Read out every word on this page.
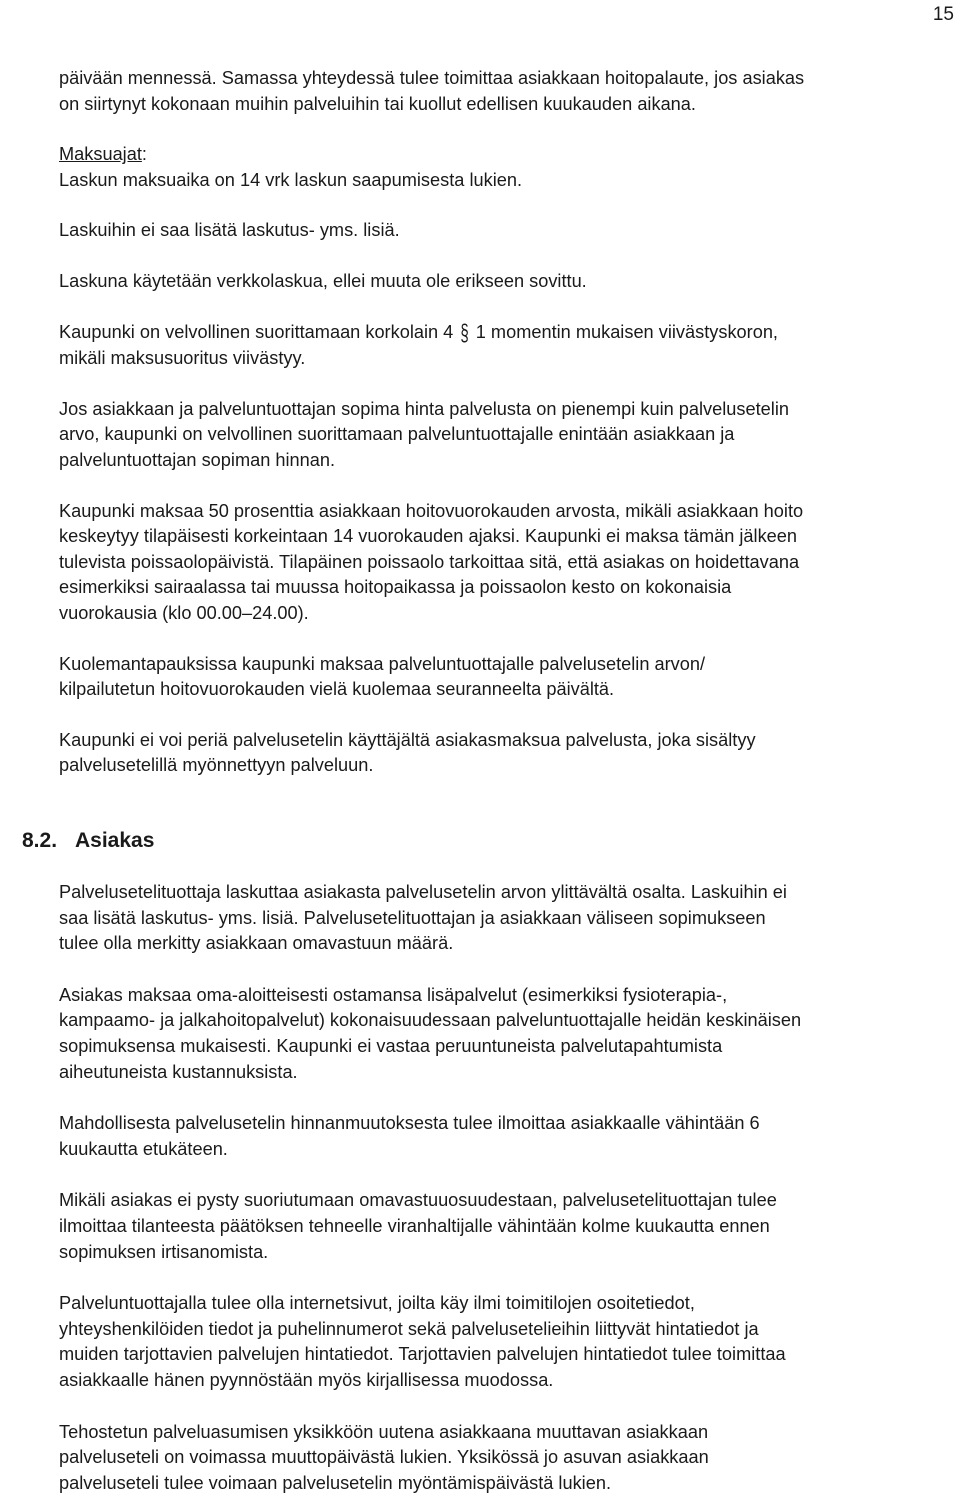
15

päivään mennessä. Samassa yhteydessä tulee toimittaa asiakkaan hoitopalaute, jos asiakas
on siirtynyt kokonaan muihin palveluihin tai kuollut edellisen kuukauden aikana.

Maksuajat:
Laskun maksuaika on 14 vrk laskun saapumisesta lukien.

Laskuihin ei saa lisätä laskutus- yms. lisiä.

Laskuna käytetään verkkolaskua, ellei muuta ole erikseen sovittu.

Kaupunki on velvollinen suorittamaan korkolain 4 § 1 momentin mukaisen viivästyskoron,
mikäli maksusuoritus viivästyy.

Jos asiakkaan ja palveluntuottajan sopima hinta palvelusta on pienempi kuin palvelusetelin
arvo, kaupunki on velvollinen suorittamaan palveluntuottajalle enintään asiakkaan ja
palveluntuottajan sopiman hinnan.

Kaupunki maksaa 50 prosenttia asiakkaan hoitovuorokauden arvosta, mikäli asiakkaan hoito
keskeytyy tilapäisesti korkeintaan 14 vuorokauden ajaksi. Kaupunki ei maksa tämän jälkeen
tulevista poissaolopäivistä. Tilapäinen poissaolo tarkoittaa sitä, että asiakas on hoidettavana
esimerkiksi sairaalassa tai muussa hoitopaikassa ja poissaolon kesto on kokonaisia
vuorokausia (klo 00.00–24.00).

Kuolemantapauksissa kaupunki maksaa palveluntuottajalle palvelusetelin arvon/
kilpailutetun hoitovuorokauden vielä kuolemaa seuranneelta päivältä.

Kaupunki ei voi periä palvelusetelin käyttäjältä asiakasmaksua palvelusta, joka sisältyy
palvelusetelillä myönnettyyn palveluun.

8.2. Asiakas

Palvelusetelituottaja laskuttaa asiakasta palvelusetelin arvon ylittävältä osalta. Laskuihin ei
saa lisätä laskutus- yms. lisiä. Palvelusetelituottajan ja asiakkaan väliseen sopimukseen
tulee olla merkitty asiakkaan omavastuun määrä.

Asiakas maksaa oma-aloitteisesti ostamansa lisäpalvelut (esimerkiksi fysioterapia-,
kampaamo- ja jalkahoitopalvelut) kokonaisuudessaan palveluntuottajalle heidän keskinäisen
sopimuksensa mukaisesti. Kaupunki ei vastaa peruuntuneista palvelutapahtumista
aiheutuneista kustannuksista.

Mahdollisesta palvelusetelin hinnanmuutoksesta tulee ilmoittaa asiakkaalle vähintään 6
kuukautta etukäteen.

Mikäli asiakas ei pysty suoriutumaan omavastuuosuudestaan, palvelusetelituottajan tulee
ilmoittaa tilanteesta päätöksen tehneelle viranhaltijalle vähintään kolme kuukautta ennen
sopimuksen irtisanomista.

Palveluntuottajalla tulee olla internetsivut, joilta käy ilmi toimitilojen osoitetiedot,
yhteyshenkilöiden tiedot ja puhelinnumerot sekä palvelusetelieihin liittyvät hintatiedot ja
muiden tarjottavien palvelujen hintatiedot. Tarjottavien palvelujen hintatiedot tulee toimittaa
asiakkaalle hänen pyynnöstään myös kirjallisessa muodossa.

Tehostetun palveluasumisen yksikköön uutena asiakkaana muuttavan asiakkaan
palveluseteli on voimassa muuttopäivästä lukien. Yksikössä jo asuvan asiakkaan
palveluseteli tulee voimaan palvelusetelin myöntämispäivästä lukien.
